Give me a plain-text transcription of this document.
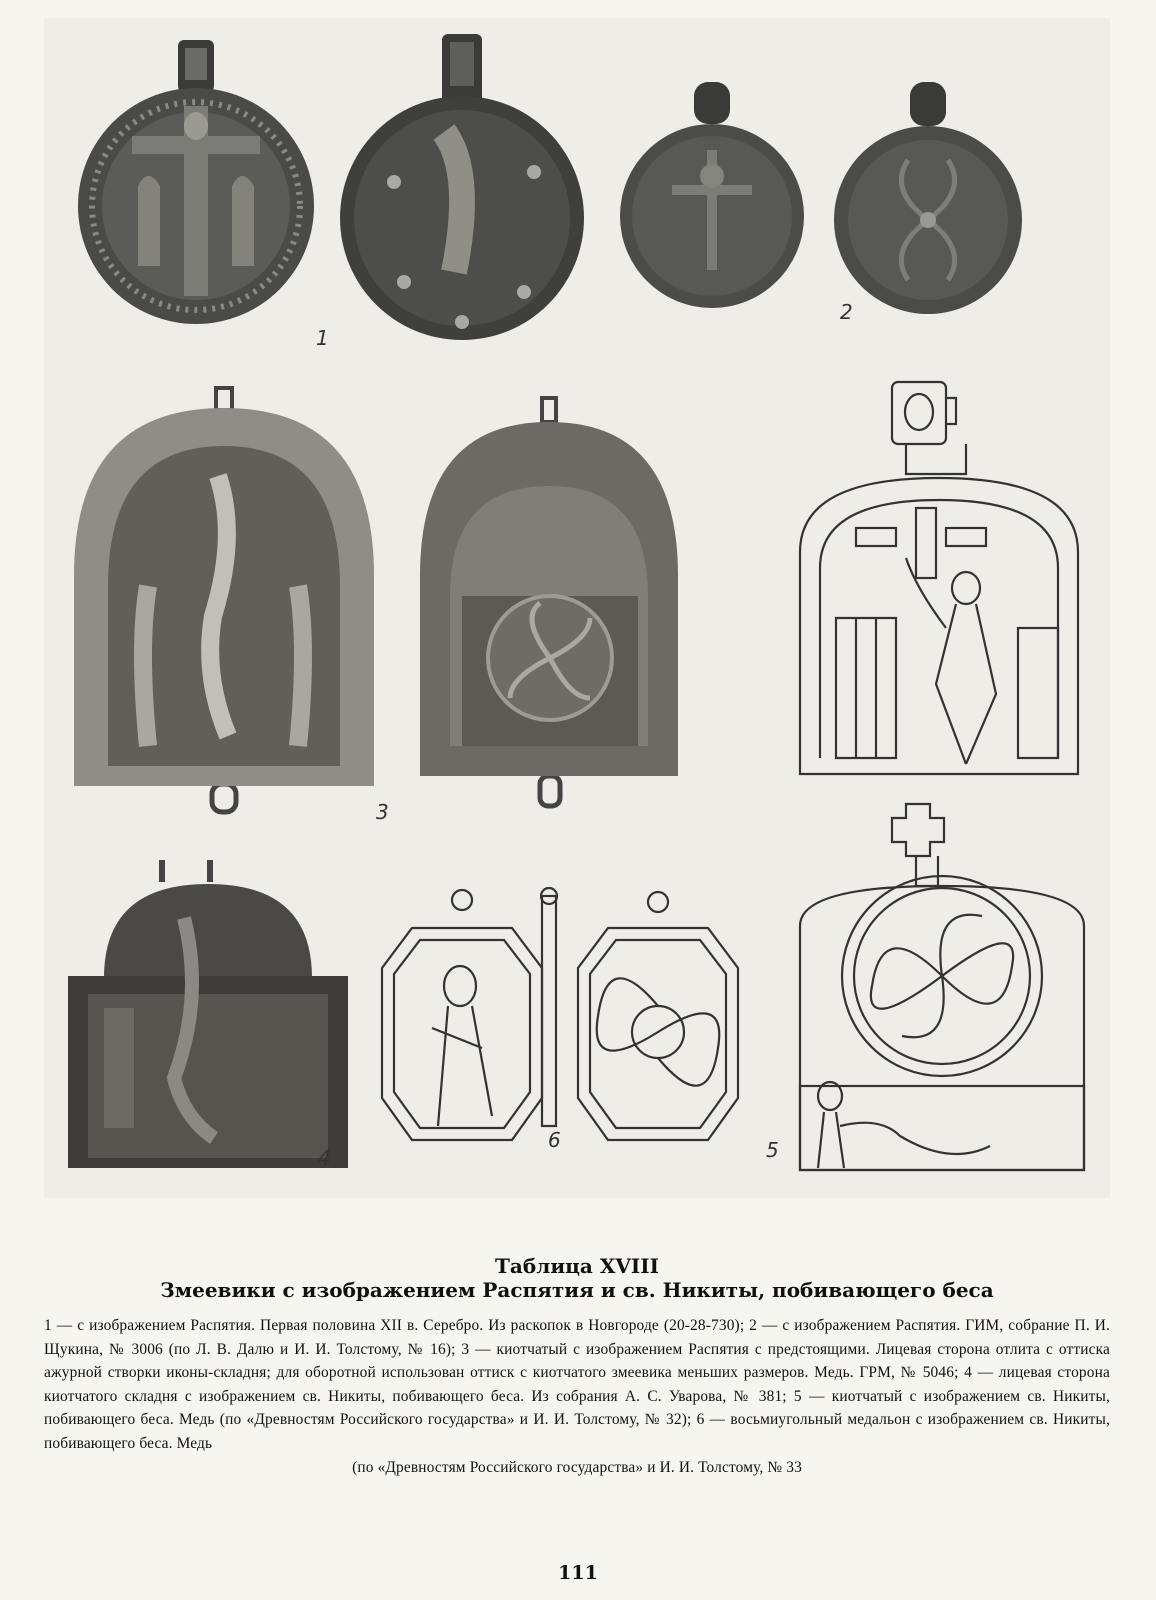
1
2
3
4
6	5
Таблица XVIII
Змеевики с изображением Распятия и св. Никиты, побивающего беса
1 — с изображением Распятия. Первая половина XII в. Серебро. Из раскопок в Новгороде (20-28-730); 2 — с изображением Распятия. ГИМ, собрание П. И. Щукина, № 3006 (по Л. В. Далю и И. И. Толстому, № 16); 3 — киотчатый с изображением Распятия с предстоящими. Лицевая сторона отлита с оттиска ажурной створки иконы-складня; для оборотной использован оттиск с киотчатого змеевика меньших размеров. Медь. ГРМ, № 5046; 4 — лицевая сторона киотчатого складня с изображением св. Никиты, побивающего беса. Из собрания А. С. Уварова, № 381; 5 — киотчатый с изображением св. Никиты, побивающего беса. Медь (по «Древностям Российского государства» и И. И. Толстому, № 32); 6 — восьмиугольный медальон с изображением св. Никиты, побивающего беса. Медь
(по «Древностям Российского государства» и И. И. Толстому, № 33
111
